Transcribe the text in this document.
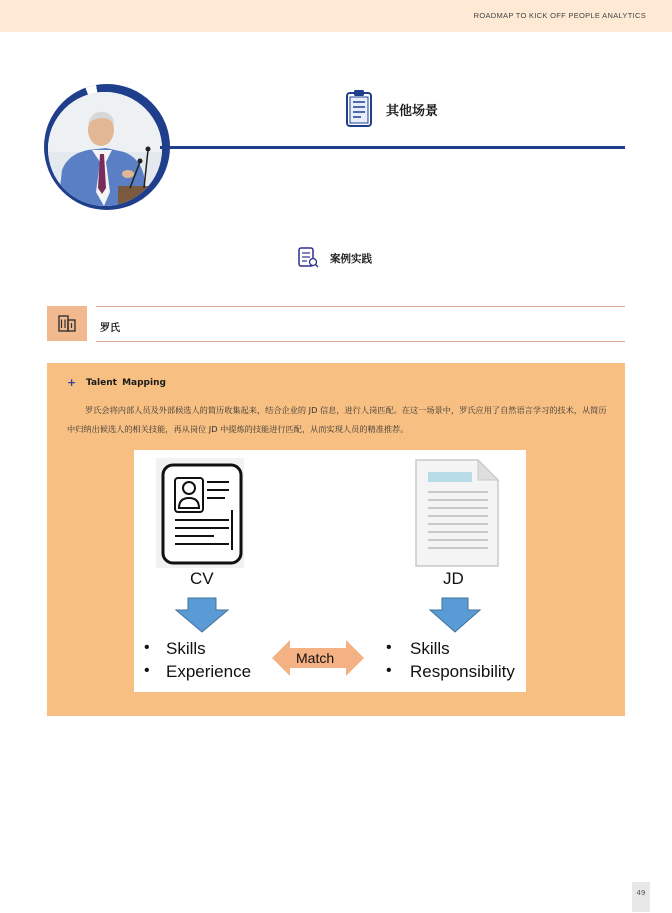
ROADMAP TO KICK OFF PEOPLE ANALYTICS
其他场景
案例实践
罗氏
+ Talent Mapping
罗氏会将内部人员及外部候选人的简历收集起来，结合企业的 JD 信息，进行人岗匹配。在这一场景中，罗氏应用了自然语言学习的技术，从简历中归纳出候选人的相关技能，再从岗位 JD 中提炼的技能进行匹配，从而实现人员的精准推荐。
CV	JD
• Skills
• Experience
• Skills
• Responsibility
Match
49
